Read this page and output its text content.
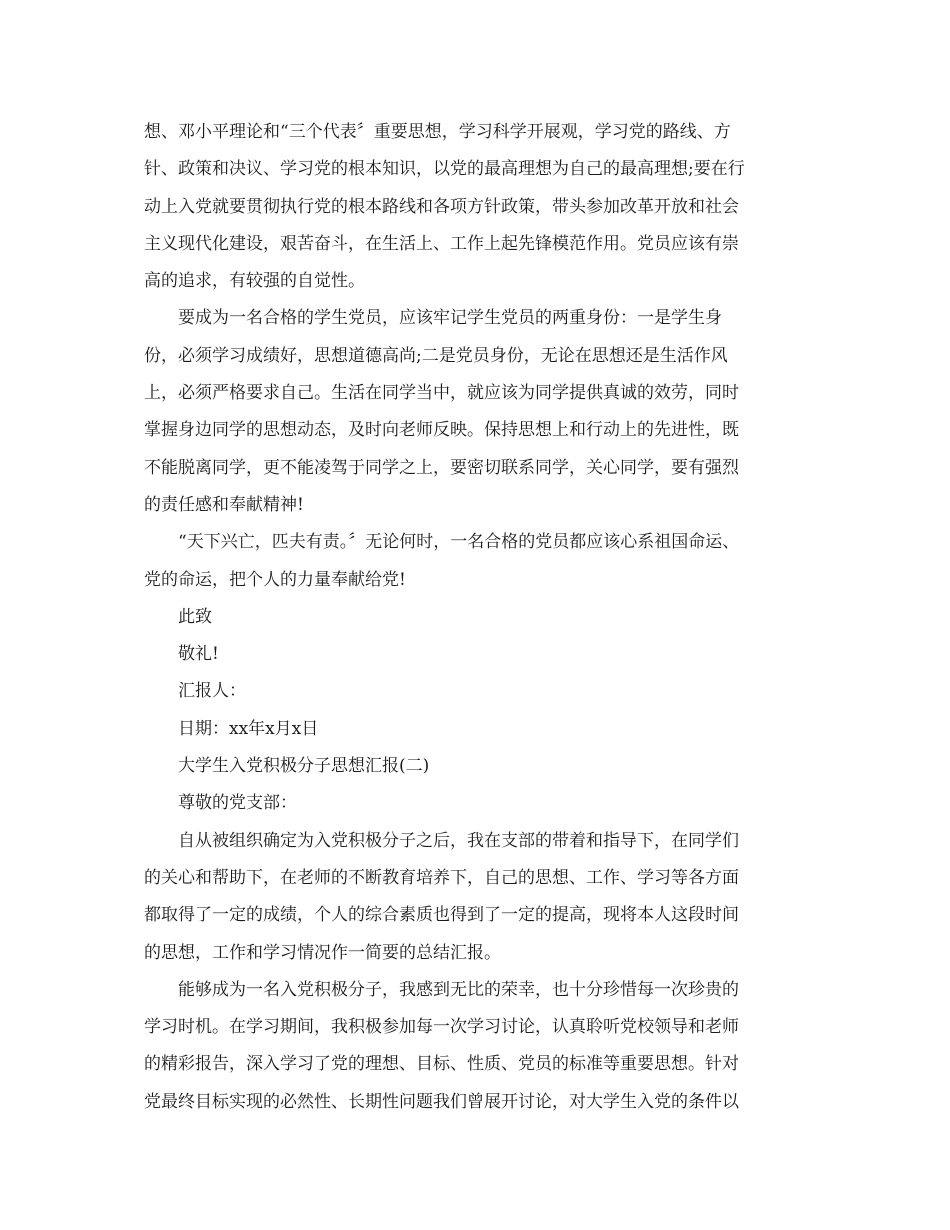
想、邓小平理论和“三个代表〞重要思想，学习科学开展观，学习党的路线、方
针、政策和决议、学习党的根本知识，以党的最高理想为自己的最高理想;要在行
动上入党就要贯彻执行党的根本路线和各项方针政策，带头参加改革开放和社会
主义现代化建设，艰苦奋斗，在生活上、工作上起先锋模范作用。党员应该有崇
高的追求，有较强的自觉性。
要成为一名合格的学生党员，应该牢记学生党员的两重身份：一是学生身
份，必须学习成绩好，思想道德高尚;二是党员身份，无论在思想还是生活作风
上，必须严格要求自己。生活在同学当中，就应该为同学提供真诚的效劳，同时
掌握身边同学的思想动态，及时向老师反映。保持思想上和行动上的先进性，既
不能脱离同学，更不能凌驾于同学之上，要密切联系同学，关心同学，要有强烈
的责任感和奉献精神!
“天下兴亡，匹夫有责。〞无论何时，一名合格的党员都应该心系祖国命运、
党的命运，把个人的力量奉献给党!
此致
敬礼!
汇报人：
日期：xx年x月x日
大学生入党积极分子思想汇报(二)
尊敬的党支部：
自从被组织确定为入党积极分子之后，我在支部的带着和指导下，在同学们
的关心和帮助下，在老师的不断教育培养下，自己的思想、工作、学习等各方面
都取得了一定的成绩，个人的综合素质也得到了一定的提高，现将本人这段时间
的思想，工作和学习情况作一简要的总结汇报。
能够成为一名入党积极分子，我感到无比的荣幸，也十分珍惜每一次珍贵的
学习时机。在学习期间，我积极参加每一次学习讨论，认真聆听党校领导和老师
的精彩报告，深入学习了党的理想、目标、性质、党员的标准等重要思想。针对
党最终目标实现的必然性、长期性问题我们曾展开讨论，对大学生入党的条件以
